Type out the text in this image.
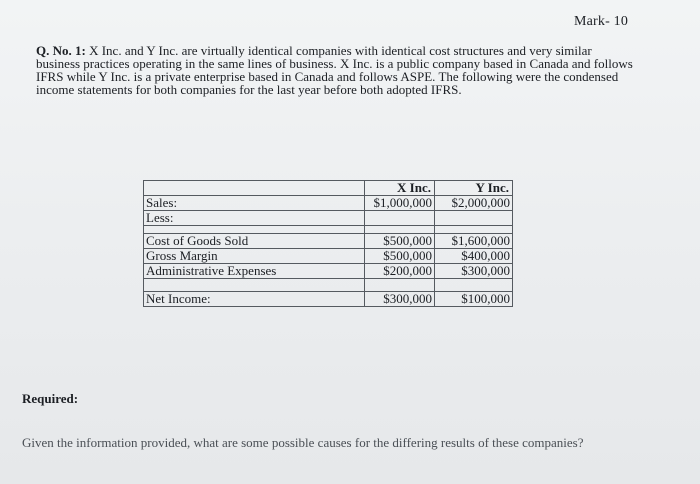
Mark- 10

Q. No. 1: X Inc. and Y Inc. are virtually identical companies with identical cost structures and very similar business practices operating in the same lines of business. X Inc. is a public company based in Canada and follows IFRS while Y Inc. is a private enterprise based in Canada and follows ASPE. The following were the condensed income statements for both companies for the last year before both adopted IFRS.

	X Inc.	Y Inc.
Sales:	$1,000,000	$2,000,000
Less:		

Cost of Goods Sold	$500,000	$1,600,000
Gross Margin	$500,000	$400,000
Administrative Expenses	$200,000	$300,000

Net Income:	$300,000	$100,000
Required:
Given the information provided, what are some possible causes for the differing results of these companies?
